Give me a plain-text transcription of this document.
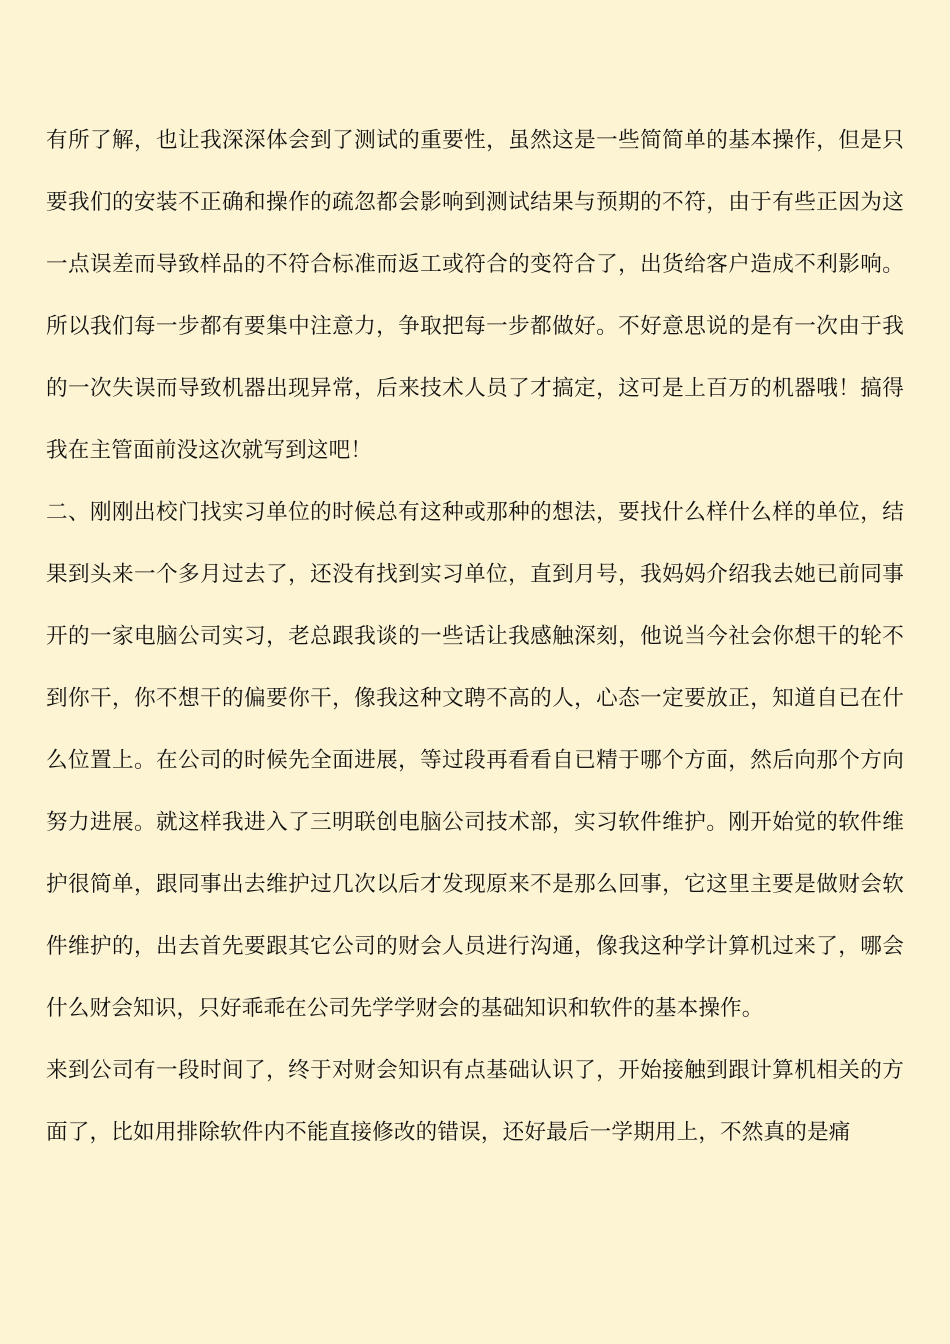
有所了解，也让我深深体会到了测试的重要性，虽然这是一些简简单的基本操作，但是只要我们的安装不正确和操作的疏忽都会影响到测试结果与预期的不符，由于有些正因为这一点误差而导致样品的不符合标准而返工或符合的变符合了，出货给客户造成不利影响。所以我们每一步都有要集中注意力，争取把每一步都做好。不好意思说的是有一次由于我的一次失误而导致机器出现异常，后来技术人员了才搞定，这可是上百万的机器哦！搞得我在主管面前没这次就写到这吧！

二、刚刚出校门找实习单位的时候总有这种或那种的想法，要找什么样什么样的单位，结果到头来一个多月过去了，还没有找到实习单位，直到月号，我妈妈介绍我去她已前同事开的一家电脑公司实习，老总跟我谈的一些话让我感触深刻，他说当今社会你想干的轮不到你干，你不想干的偏要你干，像我这种文聘不高的人，心态一定要放正，知道自已在什么位置上。在公司的时候先全面进展，等过段再看看自已精于哪个方面，然后向那个方向努力进展。就这样我进入了三明联创电脑公司技术部，实习软件维护。刚开始觉的软件维护很简单，跟同事出去维护过几次以后才发现原来不是那么回事，它这里主要是做财会软件维护的，出去首先要跟其它公司的财会人员进行沟通，像我这种学计算机过来了，哪会什么财会知识，只好乖乖在公司先学学财会的基础知识和软件的基本操作。

来到公司有一段时间了，终于对财会知识有点基础认识了，开始接触到跟计算机相关的方面了，比如用排除软件内不能直接修改的错误，还好最后一学期用上，不然真的是痛
